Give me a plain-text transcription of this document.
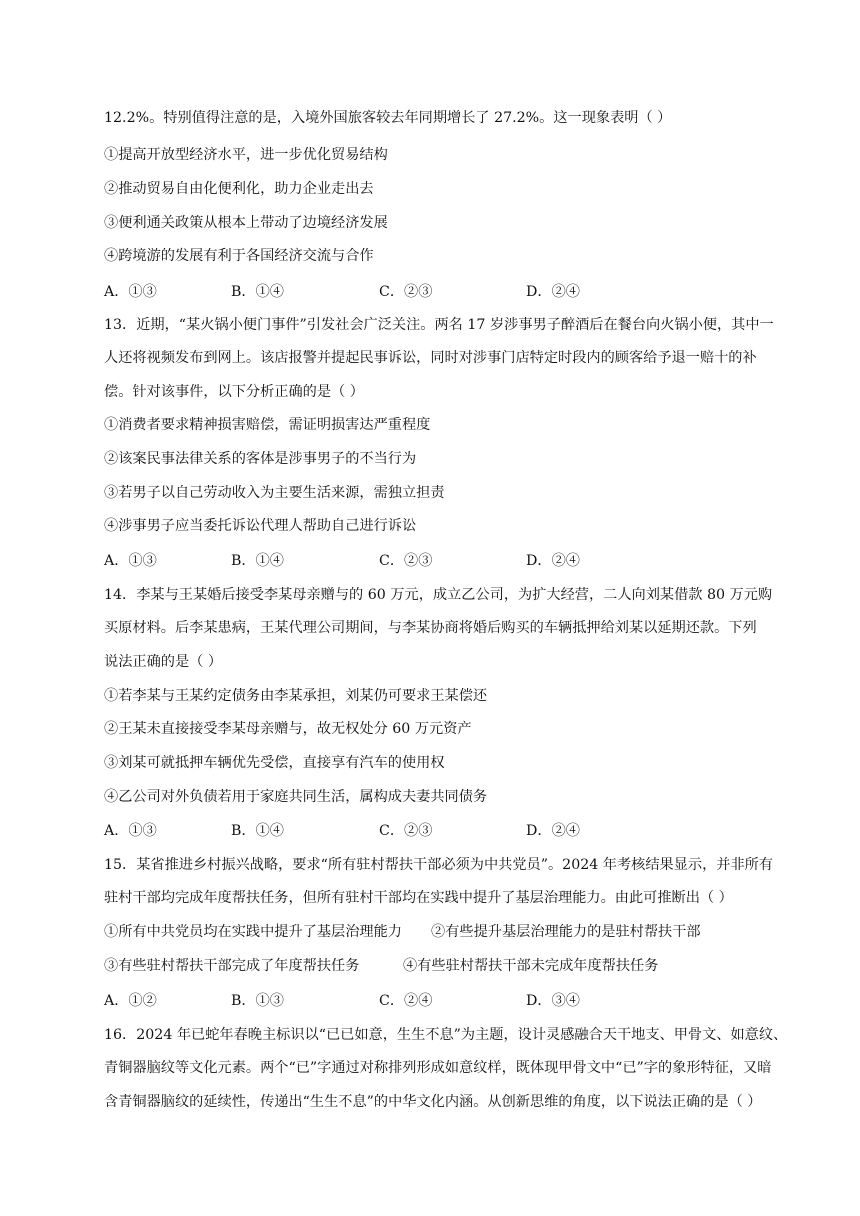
12.2%。特别值得注意的是，入境外国旅客较去年同期增长了 27.2%。这一现象表明（ ）
①提高开放型经济水平，进一步优化贸易结构
②推动贸易自由化便利化，助力企业走出去
③便利通关政策从根本上带动了边境经济发展
④跨境游的发展有利于各国经济交流与合作
A．①③	B．①④	C．②③	D．②④
13．近期，“某火锅小便门事件”引发社会广泛关注。两名 17 岁涉事男子醉酒后在餐台向火锅小便，其中一
人还将视频发布到网上。该店报警并提起民事诉讼，同时对涉事门店特定时段内的顾客给予退一赔十的补
偿。针对该事件，以下分析正确的是（ ）
①消费者要求精神损害赔偿，需证明损害达严重程度
②该案民事法律关系的客体是涉事男子的不当行为
③若男子以自己劳动收入为主要生活来源，需独立担责
④涉事男子应当委托诉讼代理人帮助自己进行诉讼
A．①③	B．①④	C．②③	D．②④
14．李某与王某婚后接受李某母亲赠与的 60 万元，成立乙公司，为扩大经营，二人向刘某借款 80 万元购
买原材料。后李某患病，王某代理公司期间，与李某协商将婚后购买的车辆抵押给刘某以延期还款。下列
说法正确的是（ ）
①若李某与王某约定债务由李某承担，刘某仍可要求王某偿还
②王某未直接接受李某母亲赠与，故无权处分 60 万元资产
③刘某可就抵押车辆优先受偿，直接享有汽车的使用权
④乙公司对外负债若用于家庭共同生活，属构成夫妻共同债务
A．①③	B．①④	C．②③	D．②④
15．某省推进乡村振兴战略，要求“所有驻村帮扶干部必须为中共党员”。2024 年考核结果显示，并非所有
驻村干部均完成年度帮扶任务，但所有驻村干部均在实践中提升了基层治理能力。由此可推断出（ ）
①所有中共党员均在实践中提升了基层治理能力 ②有些提升基层治理能力的是驻村帮扶干部
③有些驻村帮扶干部完成了年度帮扶任务	④有些驻村帮扶干部未完成年度帮扶任务
A．①②	B．①③	C．②④	D．③④
16．2024 年已蛇年春晚主标识以“已已如意，生生不息”为主题，设计灵感融合天干地支、甲骨文、如意纹、
青铜器脑纹等文化元素。两个“已”字通过对称排列形成如意纹样，既体现甲骨文中“已”字的象形特征，又暗
含青铜器脑纹的延续性，传递出“生生不息”的中华文化内涵。从创新思维的角度，以下说法正确的是（ ）
